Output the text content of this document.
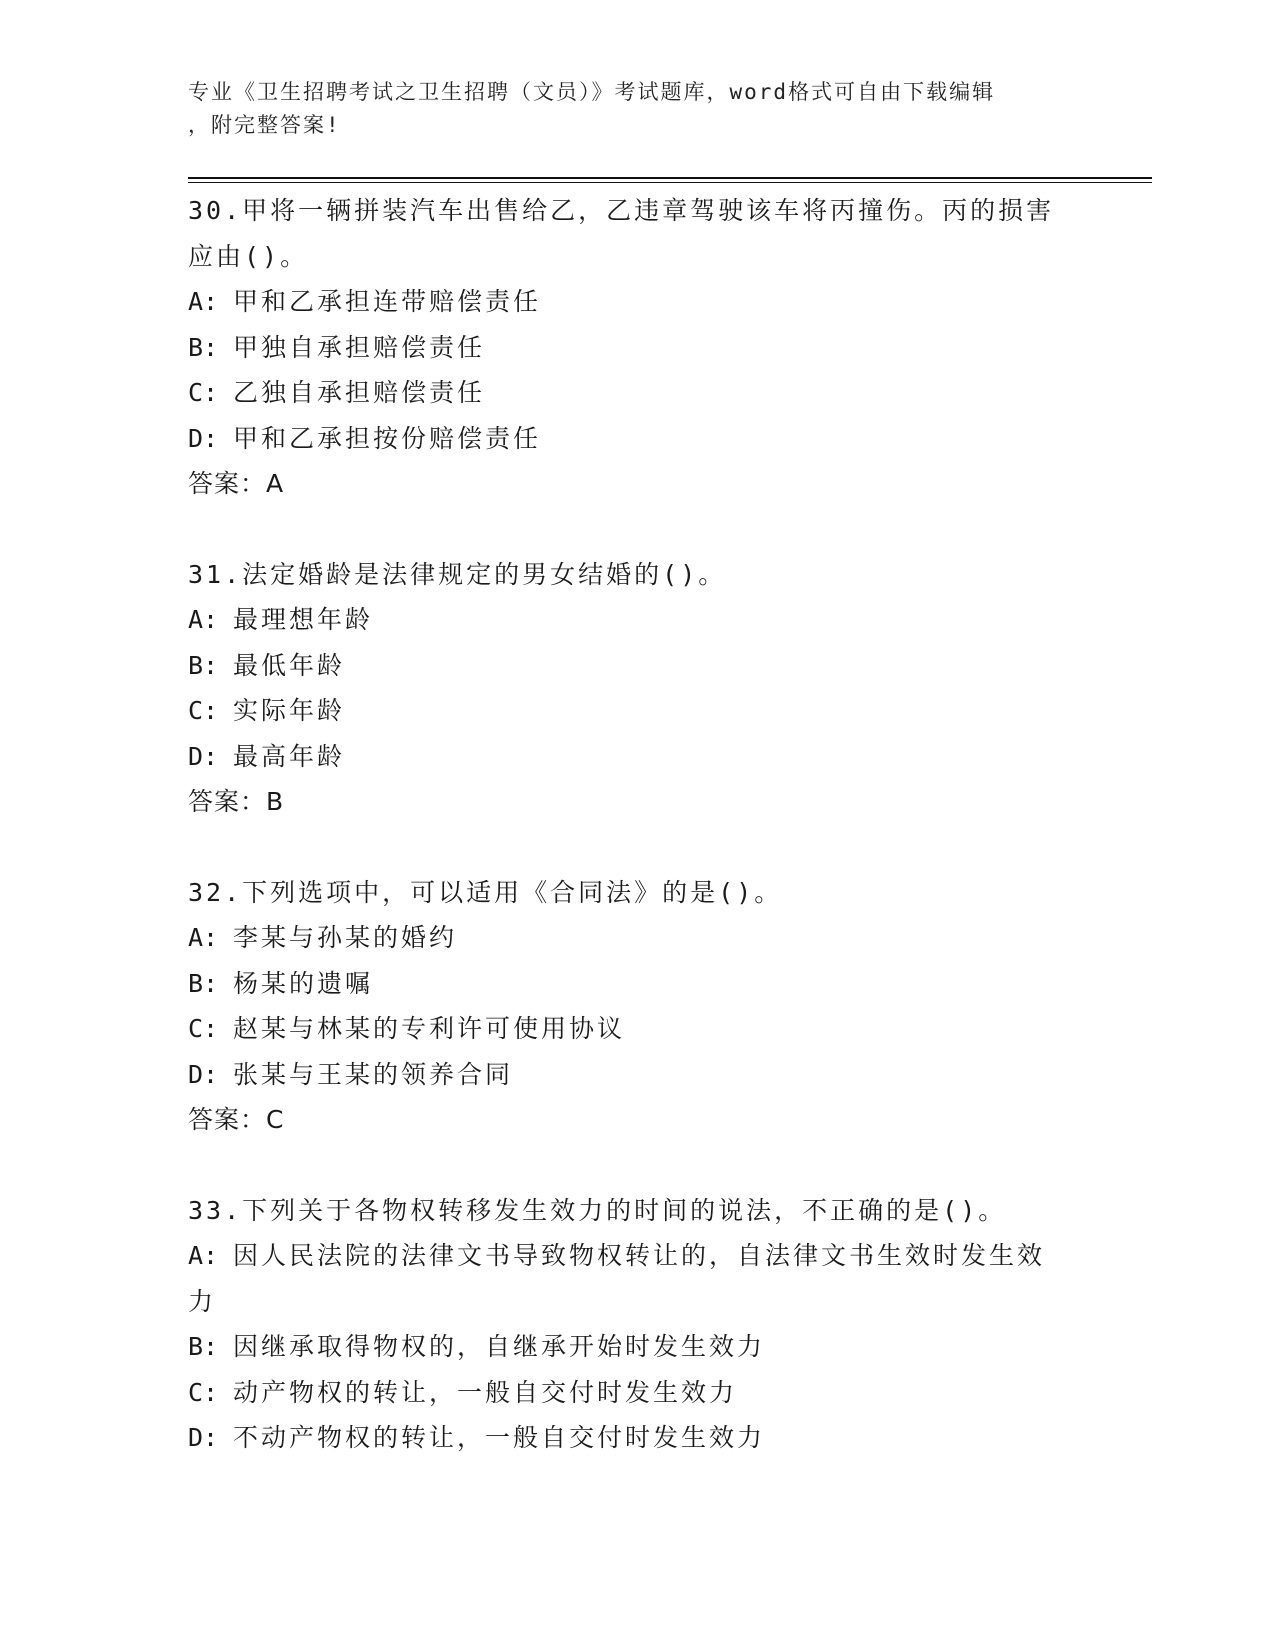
专业《卫生招聘考试之卫生招聘（文员）》考试题库，word格式可自由下载编辑
，附完整答案!
30.甲将一辆拼装汽车出售给乙，乙违章驾驶该车将丙撞伤。丙的损害
应由()。
A: 甲和乙承担连带赔偿责任
B: 甲独自承担赔偿责任
C: 乙独自承担赔偿责任
D: 甲和乙承担按份赔偿责任
答案：A
31.法定婚龄是法律规定的男女结婚的()。
A: 最理想年龄
B: 最低年龄
C: 实际年龄
D: 最高年龄
答案：B
32.下列选项中，可以适用《合同法》的是()。
A: 李某与孙某的婚约
B: 杨某的遗嘱
C: 赵某与林某的专利许可使用协议
D: 张某与王某的领养合同
答案：C
33.下列关于各物权转移发生效力的时间的说法，不正确的是()。
A: 因人民法院的法律文书导致物权转让的，自法律文书生效时发生效
力
B: 因继承取得物权的，自继承开始时发生效力
C: 动产物权的转让，一般自交付时发生效力
D: 不动产物权的转让，一般自交付时发生效力
